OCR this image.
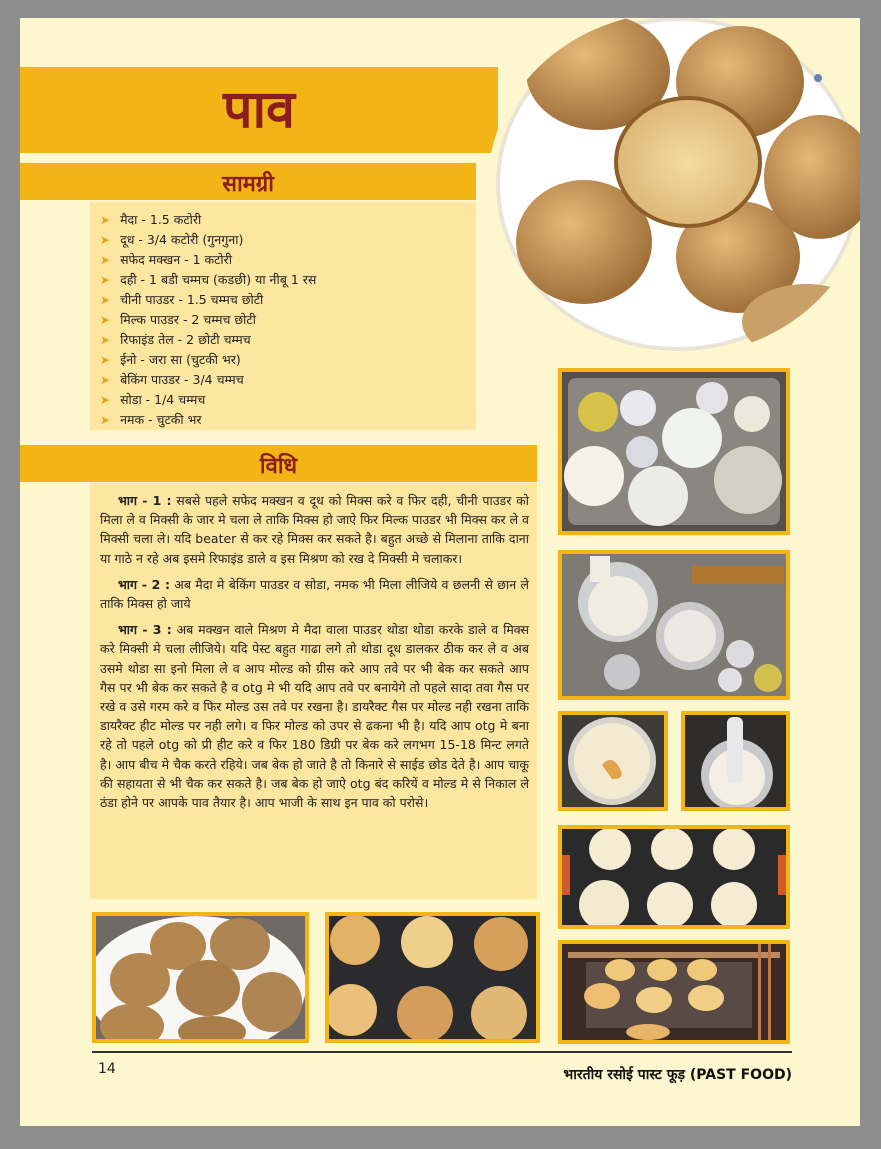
पाव
सामग्री
➤ मैदा - 1.5 कटोरी
➤ दूध - 3/4 कटोरी (गुनगुना)
➤ सफेद मक्खन - 1 कटोरी
➤ दही - 1 बडी चम्मच (कडछी) या नीबू 1 रस
➤ चीनी पाउडर - 1.5 चम्मच छोटी
➤ मिल्क पाउडर - 2 चम्मच छोटी
➤ रिफाइंड तेल - 2 छोटी चम्मच
➤ ईनो - जरा सा (चुटकी भर)
➤ बेकिंग पाउडर - 3/4 चम्मच
➤ सोडा - 1/4 चम्मच
➤ नमक - चुटकी भर
विधि

भाग - 1 : सबसे पहले सफेद मक्खन व दूध को मिक्स करे व फिर दही, चीनी पाउडर को मिला ले व मिक्सी के जार मे चला ले ताकि मिक्स हो जाऐ फिर मिल्क पाउडर भी मिक्स कर ले व मिक्सी चला ले। यदि beater से कर रहे मिक्स कर सकते है। बहुत अच्छे से मिलाना ताकि दाना या गाठे न रहे अब इसमे रिफाइंड डाले व इस मिश्रण को रख दे मिक्सी मे चलाकर।

भाग - 2 : अब मैदा मे बेकिंग पाउडर व सोडा, नमक भी मिला लीजिये व छलनी से छान ले ताकि मिक्स हो जाये

भाग - 3 : अब मक्खन वाले मिश्रण मे मैदा वाला पाउडर थोडा थोडा करके डाले व मिक्स करे मिक्सी मे चला लीजिये। यदि पेस्ट बहुत गाढा लगे तो थोडा दूध डालकर ठीक कर ले व अब उसमे थोडा सा इनो मिला ले व आप मोल्ड को ग्रीस करे आप तवे पर भी बेक कर सकते आप गैस पर भी बेक कर सकते है व otg मे भी यदि आप तवे पर बनायेगे तो पहले सादा तवा गैस पर रखे व उसे गरम करे व फिर मोल्ड उस तवे पर रखना है। डायरैक्ट गैस पर मोल्ड नही रखना ताकि डायरैक्ट हीट मोल्ड पर नही लगे। व फिर मोल्ड को उपर से ढकना भी है। यदि आप otg मे बना रहे तो पहले otg को प्री हीट करे व फिर 180 डिग्री पर बेक करे लगभग 15-18 मिन्ट लगते है। आप बीच मे चैक करते रहिये। जब बेक हो जाते है तो किनारे से साईड छोड देते है। आप चाकू की सहायता से भी चैक कर सकते है। जब बेक हो जाऐ otg बंद करियें व मोल्ड मे से निकाल ले ठंडा होने पर आपके पाव तैयार है। आप भाजी के साथ इन पाव को परोसे।

14	भारतीय रसोई पास्ट फूड़ (PAST FOOD)
